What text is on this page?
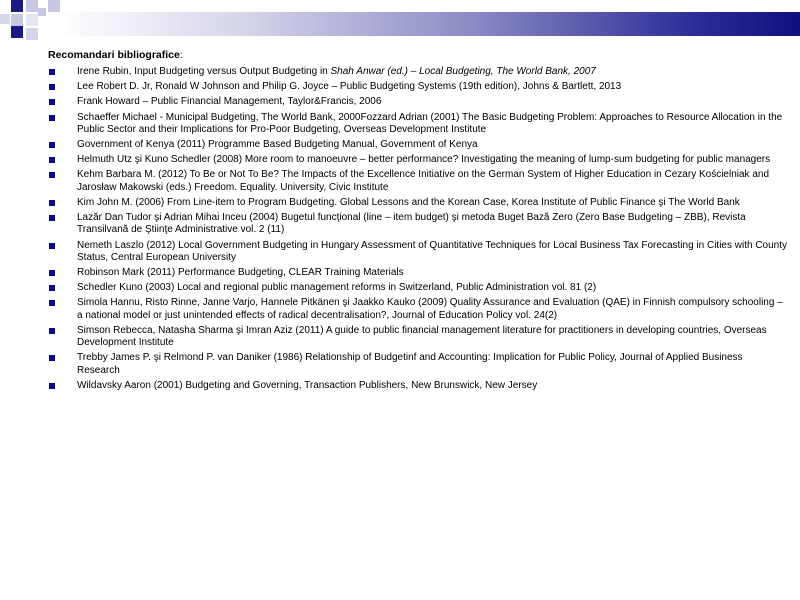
Recomandari bibliografice:
Irene Rubin, Input Budgeting versus Output Budgeting in Shah Anwar (ed.) – Local Budgeting, The World Bank, 2007
Lee Robert D. Jr, Ronald W Johnson and Philip G. Joyce – Public Budgeting Systems (19th edition), Johns & Bartlett, 2013
Frank Howard – Public Financial Management, Taylor&Francis, 2006
Schaeffer Michael - Municipal Budgeting, The World Bank, 2000Fozzard Adrian (2001) The Basic Budgeting Problem: Approaches to Resource Allocation in the Public Sector and their Implications for Pro-Poor Budgeting, Overseas Development Institute
Government of Kenya (2011) Programme Based Budgeting Manual, Government of Kenya
Helmuth Utz şi Kuno Schedler (2008) More room to manoeuvre – better performance? Investigating the meaning of lump-sum budgeting for public managers
Kehm Barbara M. (2012) To Be or Not To Be? The Impacts of the Excellence Initiative on the German System of Higher Education in Cezary Kościelniak and Jarosław Makowski (eds.) Freedom. Equality. University, Civic Institute
Kim John M. (2006) From Line-item to Program Budgeting. Global Lessons and the Korean Case, Korea Institute of Public Finance şi The World Bank
Lazăr Dan Tudor şi Adrian Mihai Inceu (2004) Bugetul funcţional (line – item budget) şi metoda Buget Bază Zero (Zero Base Budgeting – ZBB), Revista Transilvană de Ştiinţe Administrative vol. 2 (11)
Nemeth Laszlo (2012) Local Government Budgeting in Hungary Assessment of Quantitative Techniques for Local Business Tax Forecasting in Cities with County Status, Central European University
Robinson Mark (2011) Performance Budgeting, CLEAR Training Materials
Schedler Kuno (2003) Local and regional public management reforms in Switzerland, Public Administration vol. 81 (2)
Simola Hannu, Risto Rinne, Janne Varjo, Hannele Pitkänen şi Jaakko Kauko (2009) Quality Assurance and Evaluation (QAE) in Finnish compulsory schooling – a national model or just unintended effects of radical decentralisation?, Journal of Education Policy vol. 24(2)
Simson Rebecca, Natasha Sharma şi Imran Aziz (2011) A guide to public financial management literature for practitioners in developing countries, Overseas Development Institute
Trebby James P. şi Relmond P. van Daniker (1986) Relationship of Budgetinf and Accounting: Implication for Public Policy, Journal of Applied Business Research
Wildavsky Aaron (2001) Budgeting and Governing, Transaction Publishers, New Brunswick, New Jersey
